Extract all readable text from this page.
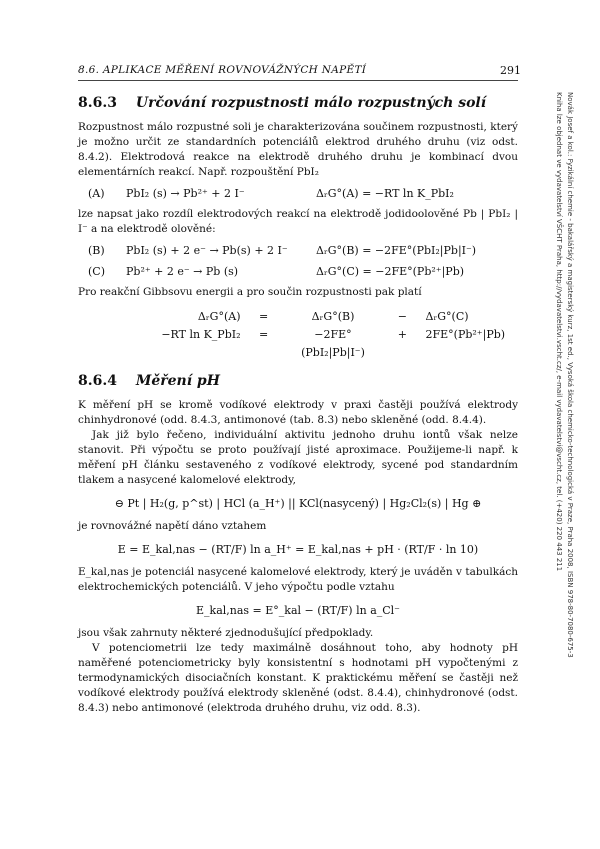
8.6. APLIKACE MĚŘENÍ ROVNOVÁŽNÝCH NAPĚTÍ	291
Novák Josef a kol.: Fyzikální chemie - bakalářský a magisterský kurz, 1st ed., Vysoká škola chemicko-technologická v Praze, Praha 2008, ISBN 978-80-7080-675-3
Kniha lze objednat ve vydavatelství VŠCHT Praha, http://vydavatelstvi.vscht.cz/, e-mail vydavatelstvi@vscht.cz, tel. (+420) 220 443 211
8.6.3 Určování rozpustnosti málo rozpustných solí

Rozpustnost málo rozpustné soli je charakterizována součinem rozpustnosti, který je možno určit ze standardních potenciálů elektrod druhého druhu (viz odst. 8.4.2). Elektrodová reakce na elektrodě druhého druhu je kombinací dvou elementárních reakcí. Např. rozpouštění PbI₂

(A)	PbI₂ (s) → Pb²⁺ + 2 I⁻	ΔᵣG°(A) = −RT ln K_PbI₂

lze napsat jako rozdíl elektrodových reakcí na elektrodě jodidoolověné Pb | PbI₂ | I⁻ a na elektrodě olověné:

(B)	PbI₂ (s) + 2 e⁻ → Pb(s) + 2 I⁻	ΔᵣG°(B) = −2FE°(PbI₂|Pb|I⁻)
(C)	Pb²⁺ + 2 e⁻ → Pb (s)	ΔᵣG°(C) = −2FE°(Pb²⁺|Pb)

Pro reakční Gibbsovu energii a pro součin rozpustnosti pak platí

ΔᵣG°(A)	=	ΔᵣG°(B)	−	ΔᵣG°(C)
−RT ln K_PbI₂	=	−2FE°(PbI₂|Pb|I⁻)
+	2FE°(Pb²⁺|Pb)
8.6.4 Měření pH

K měření pH se kromě vodíkové elektrody v praxi častěji používá elektrody chinhydronové (odd. 8.4.3, antimonové (tab. 8.3) nebo skleněné (odd. 8.4.4).

Jak již bylo řečeno, individuální aktivitu jednoho druhu iontů však nelze stanovit. Při výpočtu se proto používají jisté aproximace. Použijeme-li např. k měření pH článku sestaveného z vodíkové elektrody, sycené pod standardním tlakem a nasycené kalomelové elektrody,

⊖ Pt | H₂(g, p^st) | HCl (a_H⁺) || KCl(nasycený) | Hg₂Cl₂(s) | Hg ⊕

je rovnovážné napětí dáno vztahem

E = E_kal,nas − (RT/F) ln a_H⁺ = E_kal,nas + pH · (RT/F · ln 10)

E_kal,nas je potenciál nasycené kalomelové elektrody, který je uváděn v tabulkách elektrochemických potenciálů. V jeho výpočtu podle vztahu

E_kal,nas = E°_kal − (RT/F) ln a_Cl⁻

jsou však zahrnuty některé zjednodušující předpoklady.

V potenciometrii lze tedy maximálně dosáhnout toho, aby hodnoty pH naměřené potenciometricky byly konsistentní s hodnotami pH vypočtenými z termodynamických disociačních konstant. K praktickému měření se častěji než vodíkové elektrody používá elektrody skleněné (odst. 8.4.4), chinhydronové (odst. 8.4.3) nebo antimonové (elektroda druhého druhu, viz odd. 8.3).
